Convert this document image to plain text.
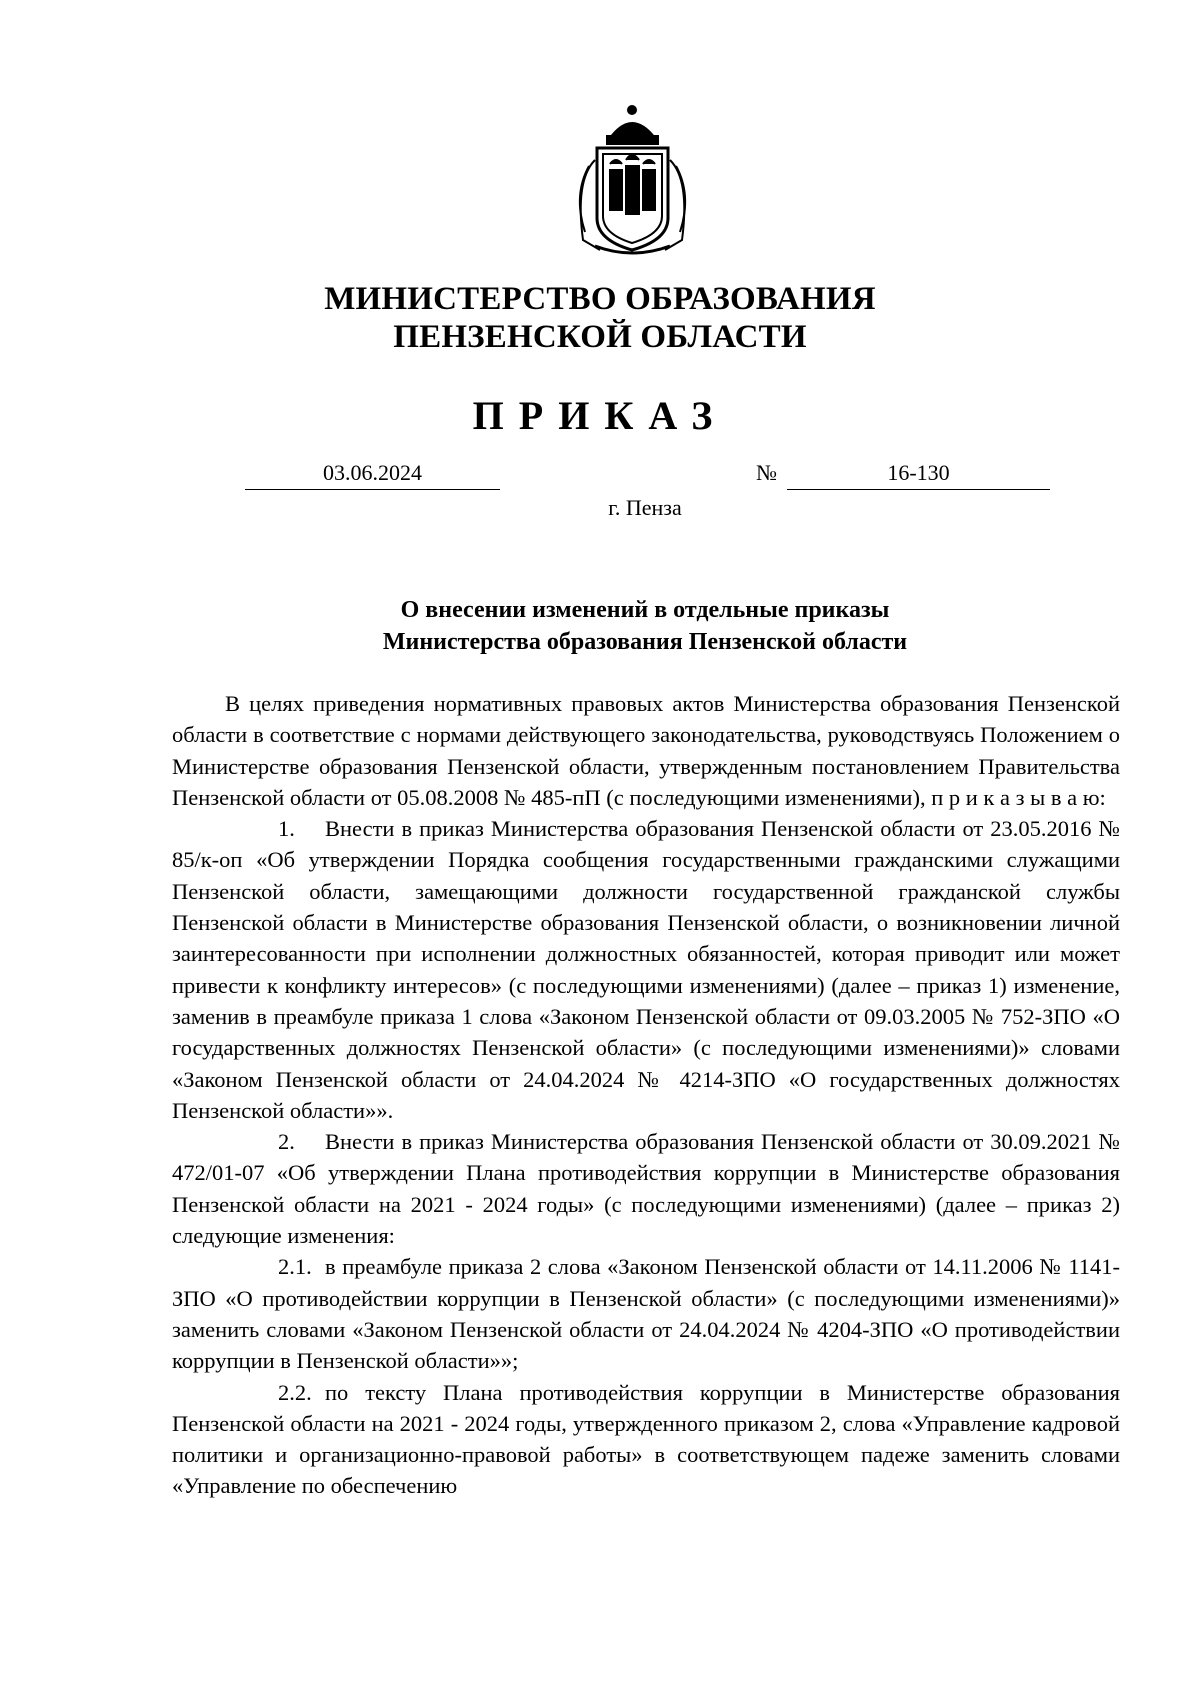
МИНИСТЕРСТВО ОБРАЗОВАНИЯ
ПЕНЗЕНСКОЙ ОБЛАСТИ
ПРИКАЗ
03.06.2024	№	16-130
г. Пенза
О внесении изменений в отдельные приказы
Министерства образования Пензенской области

В целях приведения нормативных правовых актов Министерства образования Пензенской области в соответствие с нормами действующего законодательства, руководствуясь Положением о Министерстве образования Пензенской области, утвержденным постановлением Правительства Пензенской области от 05.08.2008 № 485-пП (с последующими изменениями), п р и к а з ы в а ю:

1. Внести в приказ Министерства образования Пензенской области от 23.05.2016 № 85/к-оп «Об утверждении Порядка сообщения государственными гражданскими служащими Пензенской области, замещающими должности государственной гражданской службы Пензенской области в Министерстве образования Пензенской области, о возникновении личной заинтересованности при исполнении должностных обязанностей, которая приводит или может привести к конфликту интересов» (с последующими изменениями) (далее – приказ 1) изменение, заменив в преамбуле приказа 1 слова «Законом Пензенской области от 09.03.2005 № 752-ЗПО «О государственных должностях Пензенской области» (с последующими изменениями)» словами «Законом Пензенской области от 24.04.2024 № 4214-ЗПО «О государственных должностях Пензенской области»».

2. Внести в приказ Министерства образования Пензенской области от 30.09.2021 № 472/01-07 «Об утверждении Плана противодействия коррупции в Министерстве образования Пензенской области на 2021 - 2024 годы» (с последующими изменениями) (далее – приказ 2) следующие изменения:

2.1. в преамбуле приказа 2 слова «Законом Пензенской области от 14.11.2006 № 1141-ЗПО «О противодействии коррупции в Пензенской области» (с последующими изменениями)» заменить словами «Законом Пензенской области от 24.04.2024 № 4204-ЗПО «О противодействии коррупции в Пензенской области»»;

2.2. по тексту Плана противодействия коррупции в Министерстве образования Пензенской области на 2021 - 2024 годы, утвержденного приказом 2, слова «Управление кадровой политики и организационно-правовой работы» в соответствующем падеже заменить словами «Управление по обеспечению
